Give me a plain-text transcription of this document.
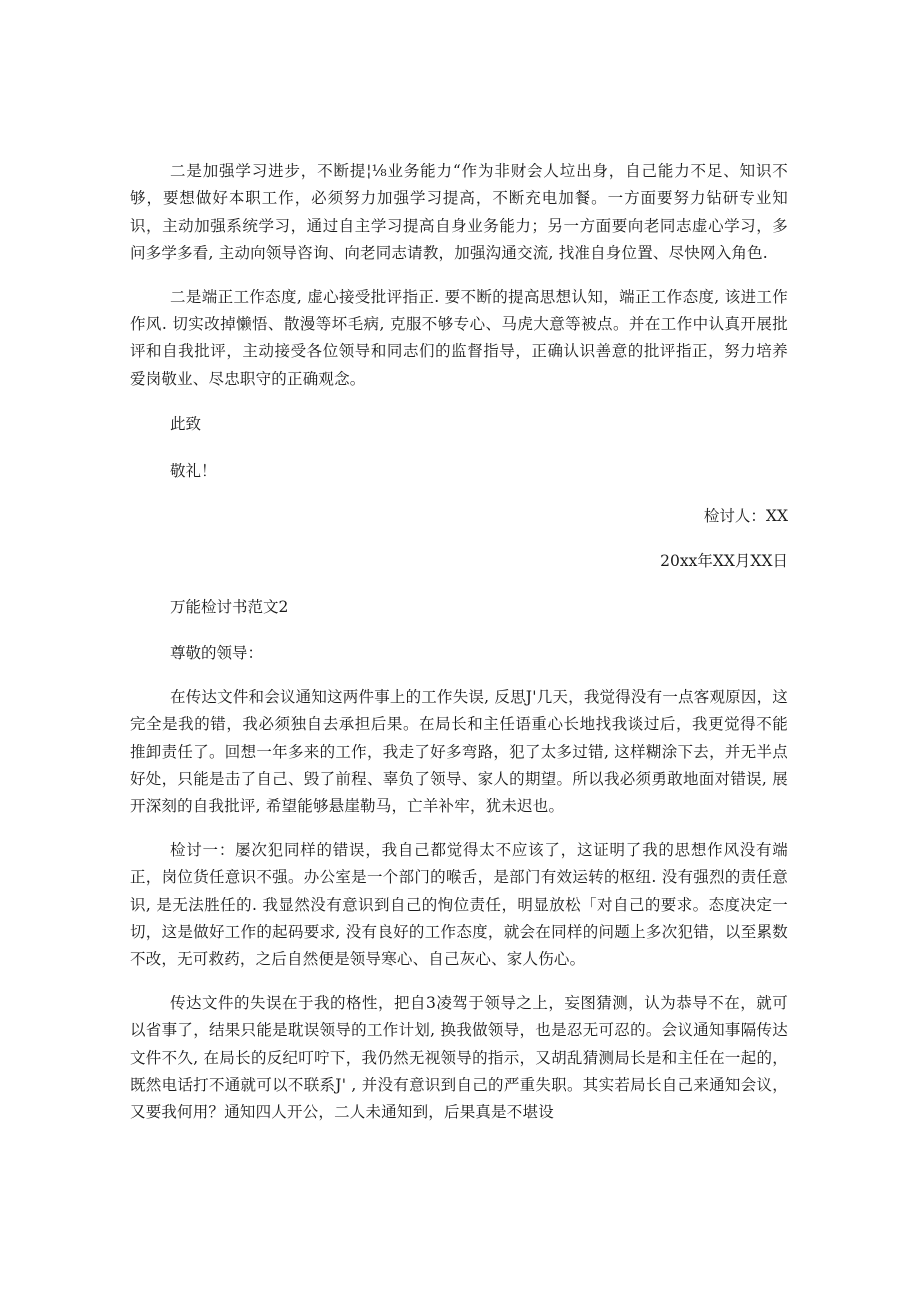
二是加强学习进步，不断提¦⅛业务能力“作为非财会人垃出身，自己能力不足、知识不够，要想做好本职工作，必须努力加强学习提高，不断充电加餐。一方面要努力钻研专业知识，主动加强系统学习，通过自主学习提高自身业务能力；另一方面要向老同志虚心学习，多问多学多看, 主动向领导咨询、向老同志请教，加强沟通交流, 找准自身位置、尽快网入角色.

二是端正工作态度, 虚心接受批评指正. 要不断的提高思想认知，端正工作态度, 该进工作作风. 切实改掉懒悟、散漫等坏毛病, 克服不够专心、马虎大意等被点。并在工作中认真开展批评和自我批评，主动接受各位领导和同志们的监督指导，正确认识善意的批评指正，努力培养爱岗敬业、尽忠职守的正确观念。

此致

敬礼！

检讨人：XX

20xx年XX月XX日

万能检讨书范文2

尊敬的领导：

在传达文件和会议通知这两件事上的工作失误, 反思J'几天，我觉得没有一点客观原因，这完全是我的错，我必须独自去承担后果。在局长和主任语重心长地找我谈过后，我更觉得不能推卸责任了。回想一年多来的工作，我走了好多弯路，犯了太多过错, 这样糊涂下去，并无半点好处，只能是击了自己、毁了前程、辜负了领导、家人的期望。所以我必须勇敢地面对错误, 展开深刻的自我批评, 希望能够悬崖勒马，亡羊补牢，犹未迟也。

检讨一：屡次犯同样的错误，我自己都觉得太不应该了，这证明了我的思想作风没有端正，岗位货任意识不强。办公室是一个部门的喉舌，是部门有效运转的枢纽. 没有强烈的责任意识, 是无法胜任的. 我显然没有意识到自己的恂位责任，明显放松「对自己的要求。态度决定一切，这是做好工作的起码要求, 没有良好的工作态度，就会在同样的问题上多次犯错，以至累数不改，无可救药，之后自然便是领导寒心、自己灰心、家人伤心。

传达文件的失误在于我的格性，把自3凌驾于领导之上，妄图猜测，认为恭导不在，就可以省事了，结果只能是耽误领导的工作计划, 换我做领导，也是忍无可忍的。会议通知事隔传达文件不久, 在局长的反纪叮咛下，我仍然无视领导的指示，又胡乱猜测局长是和主任在一起的，既然电话打不通就可以不联系J' , 并没有意识到自己的严重失职。其实若局长自己来通知会议，又要我何用？通知四人开公，二人未通知到，后果真是不堪设
